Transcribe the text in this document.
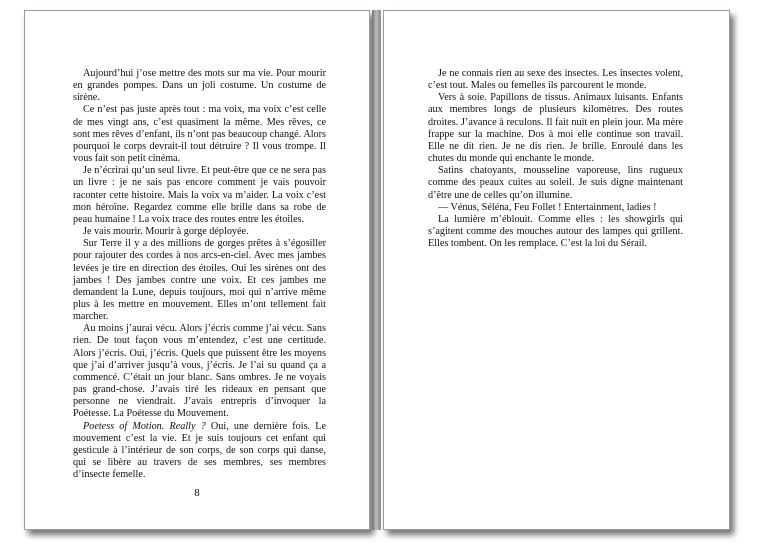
Aujourd’hui j’ose mettre des mots sur ma vie. Pour mourir en grandes pompes. Dans un joli costume. Un costume de sirène.

Ce n’est pas juste après tout : ma voix, ma voix c’est celle de mes vingt ans, c’est quasiment la même. Mes rêves, ce sont mes rêves d’enfant, ils n’ont pas beaucoup changé. Alors pourquoi le corps devrait-il tout détruire ? Il vous trompe. Il vous fait son petit cinéma.

Je n’écrirai qu’un seul livre. Et peut-être que ce ne sera pas un livre : je ne sais pas encore comment je vais pouvoir raconter cette histoire. Mais la voix va m’aider. La voix c’est mon héroïne. Regardez comme elle brille dans sa robe de peau humaine ! La voix trace des routes entre les étoiles.

Je vais mourir. Mourir à gorge déployée.

Sur Terre il y a des millions de gorges prêtes à s’égosiller pour rajouter des cordes à nos arcs-en-ciel. Avec mes jambes levées je tire en direction des étoiles. Oui les sirènes ont des jambes ! Des jambes contre une voix. Et ces jambes me demandent la Lune, depuis toujours, moi qui n’arrive même plus à les mettre en mouvement. Elles m’ont tellement fait marcher.

Au moins j’aurai vécu. Alors j’écris comme j’ai vécu. Sans rien. De tout façon vous m’entendez, c’est une certitude. Alors j’écris. Oui, j’écris. Quels que puissent être les moyens que j’ai d’arriver jusqu’à vous, j’écris. Je l’ai su quand ça a commencé. C’était un jour blanc. Sans ombres. Je ne voyais pas grand-chose. J’avais tiré les rideaux en pensant que personne ne viendrait. J’avais entrepris d’invoquer la Poétesse. La Poétesse du Mouvement.

Poetess of Motion. Really ? Oui, une dernière fois. Le mouvement c’est la vie. Et je suis toujours cet enfant qui gesticule à l’intérieur de son corps, de son corps qui danse, qui se libère au travers de ses membres, ses membres d’insecte femelle.

8

Je ne connais rien au sexe des insectes. Les insectes volent, c’est tout. Males ou femelles ils parcourent le monde.

Vers à soie. Papillons de tissus. Animaux luisants. Enfants aux membres longs de plusieurs kilomètres. Des routes droites. J’avance à reculons. Il fait nuit en plein jour. Ma mère frappe sur la machine. Dos à moi elle continue son travail. Elle ne dit rien. Je ne dis rien. Je brille. Enroulé dans les chutes du monde qui enchante le monde.

Satins chatoyants, mousseline vaporeuse, lins rugueux comme des peaux cuites au soleil. Je suis digne maintenant d’être une de celles qu’on illumine.

— Vénus, Séléna, Feu Follet ! Entertainment, ladies !

La lumière m’éblouit. Comme elles : les showgirls qui s’agitent comme des mouches autour des lampes qui grillent. Elles tombent. On les remplace. C’est la loi du Sérail.
